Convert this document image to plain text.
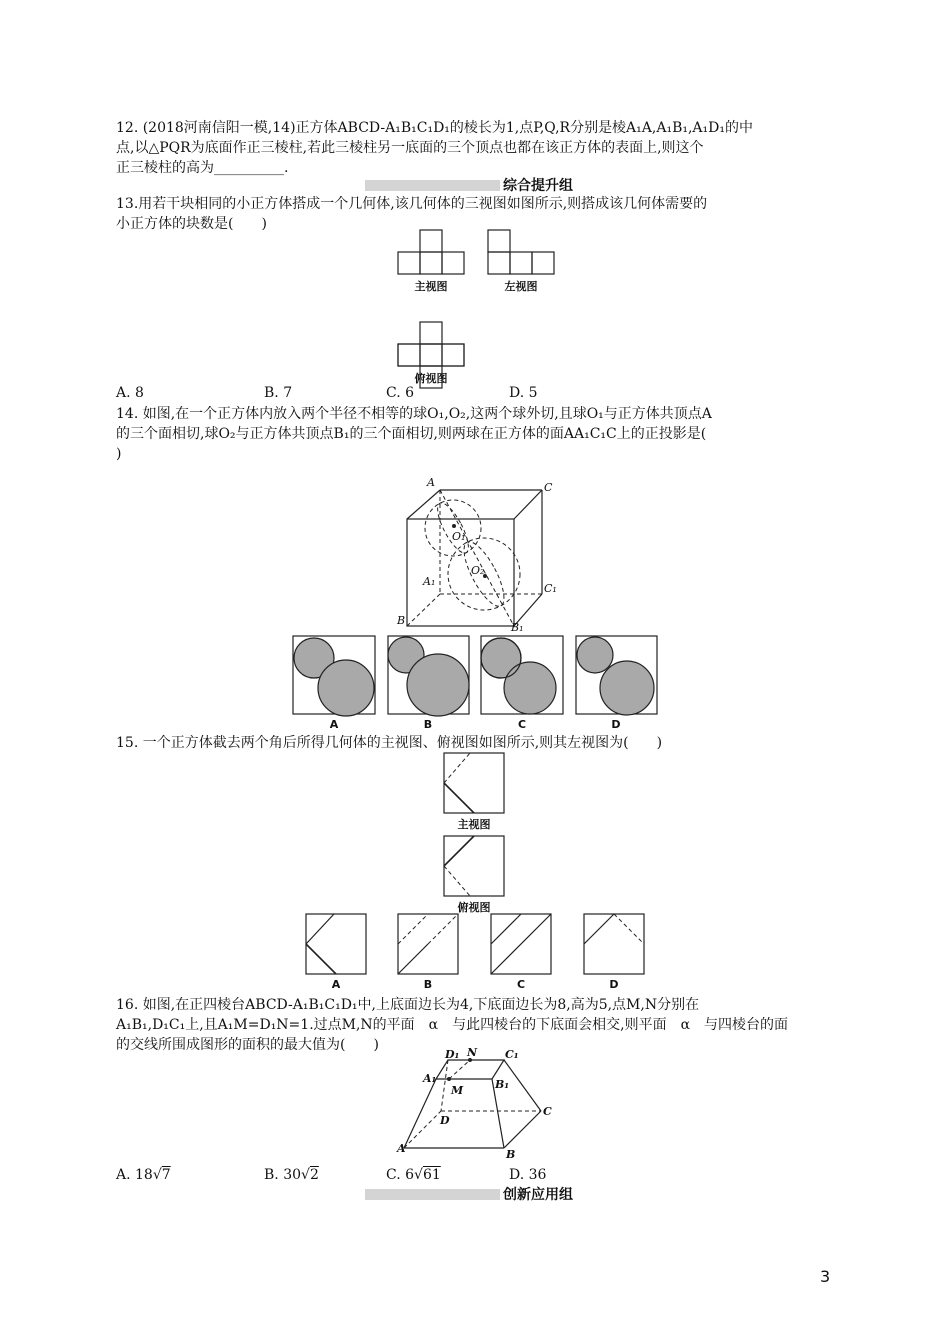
12. (2018河南信阳一模,14)正方体ABCD-A₁B₁C₁D₁的棱长为1,点P,Q,R分别是棱A₁A,A₁B₁,A₁D₁的中
点,以△PQR为底面作正三棱柱,若此三棱柱另一底面的三个顶点也都在该正方体的表面上,则这个
正三棱柱的高为__________.
综合提升组
13.用若干块相同的小正方体搭成一个几何体,该几何体的三视图如图所示,则搭成该几何体需要的
小正方体的块数是(　　)
主视图	左视图
俯视图
A. 8	B. 7	C. 6	D. 5
14. 如图,在一个正方体内放入两个半径不相等的球O₁,O₂,这两个球外切,且球O₁与正方体共顶点A
的三个面相切,球O₂与正方体共顶点B₁的三个面相切,则两球在正方体的面AA₁C₁C上的正投影是(
)
A	C
O₁
O₂
A₁
C₁
B
B₁
A	B	C	D
15. 一个正方体截去两个角后所得几何体的主视图、俯视图如图所示,则其左视图为(　　)
主视图
俯视图
A	B	C	D
16. 如图,在正四棱台ABCD-A₁B₁C₁D₁中,上底面边长为4,下底面边长为8,高为5,点M,N分别在
A₁B₁,D₁C₁上,且A₁M=D₁N=1.过点M,N的平面　α　与此四棱台的下底面会相交,则平面　α　与四棱台的面
的交线所围成图形的面积的最大值为(　　)
D₁ N	C₁
A₁	B₁
M
D
C
A	B
A. 18√7	B. 30√2	C. 6√61	D. 36
创新应用组
3
